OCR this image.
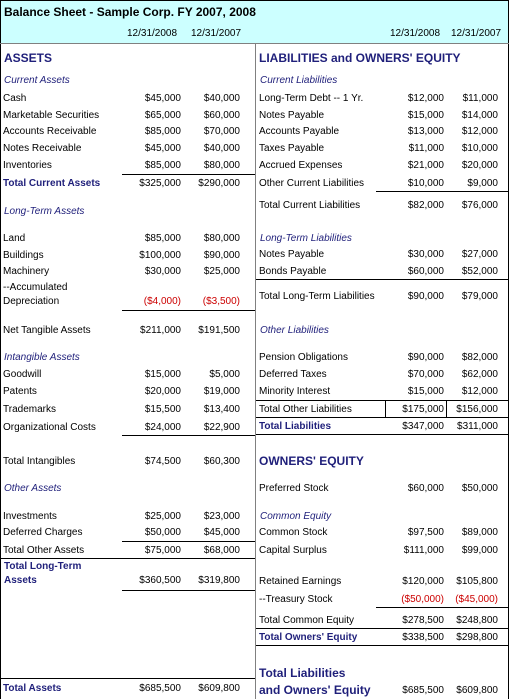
Balance Sheet - Sample Corp. FY 2007, 2008
12/31/2008 12/31/2007	12/31/2008 12/31/2007
ASSETS
Current Assets
Cash	$45,000 $40,000
Marketable Securities	$65,000 $60,000
Accounts Receivable	$85,000 $70,000
Notes Receivable	$45,000 $40,000
Inventories	$85,000 $80,000
Total Current Assets	$325,000 $290,000
Long-Term Assets
Land	$85,000 $80,000
Buildings	$100,000 $90,000
Machinery	$30,000 $25,000
--Accumulated
Depreciation	($4,000) ($3,500)
Net Tangible Assets	$211,000 $191,500
Intangible Assets
Goodwill	$15,000	$5,000
Patents	$20,000 $19,000
Trademarks	$15,500 $13,400
Organizational Costs	$24,000 $22,900
Total Intangibles	$74,500 $60,300
Other Assets
Investments	$25,000 $23,000
Deferred Charges	$50,000 $45,000
Total Other Assets	$75,000 $68,000
Total Long-Term
Assets	$360,500 $319,800
Total Assets	$685,500 $609,800
LIABILITIES and OWNERS' EQUITY
Current Liabilities
Long-Term Debt -- 1 Yr.	$12,000 $11,000
Notes Payable	$15,000 $14,000
Accounts Payable	$13,000 $12,000
Taxes Payable	$11,000 $10,000
Accrued Expenses	$21,000 $20,000
Other Current Liabilities	$10,000 $9,000
Total Current Liabilities	$82,000 $76,000
Long-Term Liabilities
Notes Payable	$30,000 $27,000
Bonds Payable	$60,000 $52,000
Total Long-Term Liabilities	$90,000 $79,000
Other Liabilities
Pension Obligations	$90,000 $82,000
Deferred Taxes	$70,000 $62,000
Minority Interest	$15,000 $12,000
Total Other Liabilities	$175,000 $156,000
Total Liabilities	$347,000 $311,000
OWNERS' EQUITY
Preferred Stock	$60,000 $50,000
Common Equity
Common Stock	$97,500 $89,000
Capital Surplus	$111,000 $99,000
Retained Earnings	$120,000 $105,800
--Treasury Stock	($50,000) ($45,000)
Total Common Equity	$278,500 $248,800
Total Owners' Equity	$338,500 $298,800
Total Liabilities
and Owners' Equity	$685,500 $609,800
